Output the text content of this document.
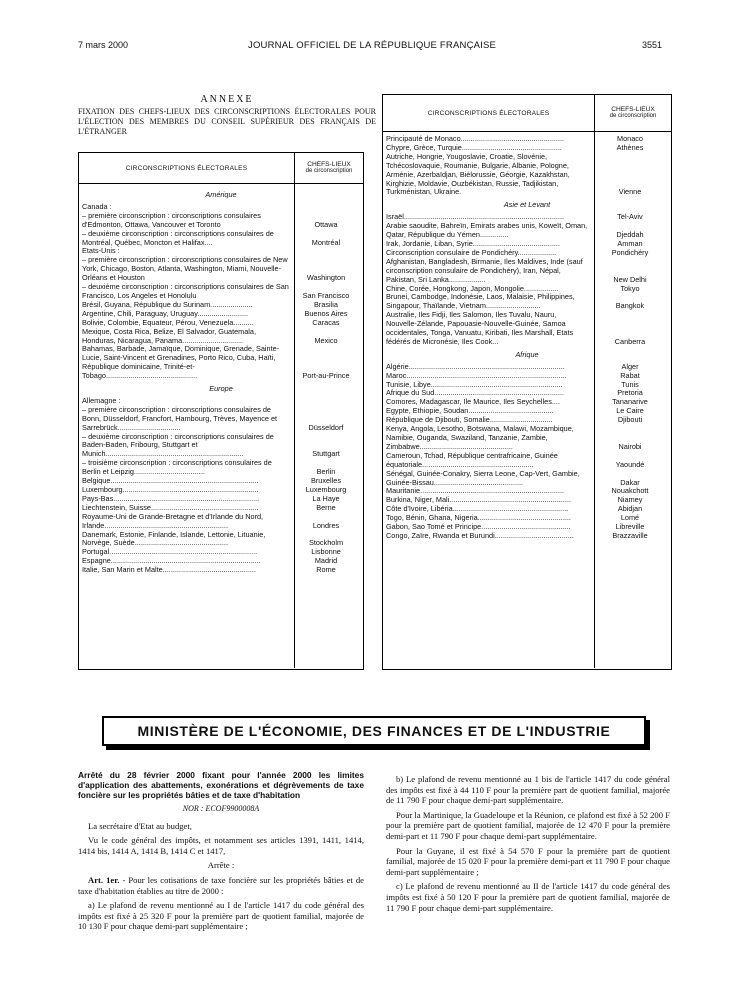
7 mars 2000	JOURNAL OFFICIEL DE LA RÉPUBLIQUE FRANÇAISE	3551
ANNEXE
FIXATION DES CHEFS-LIEUX DES CIRCONSCRIPTIONS ÉLECTORALES POUR L'ÉLECTION DES MEMBRES DU CONSEIL SUPÉRIEUR DES FRANÇAIS DE L'ÉTRANGER
CIRCONSCRIPTIONS ÉLECTORALES	CHEFS-LIEUX
de circonscription
Amérique
Canada :
– première circonscription : circonscriptions consulaires d'Edmonton, Ottawa, Vancouver et Toronto	Ottawa
– deuxième circonscription : circonscriptions consulaires de Montréal, Québec, Moncton et Halifax....	Montréal
Etats-Unis :
– première circonscription : circonscriptions consulaires de New York, Chicago, Boston, Atlanta, Washington, Miami, Nouvelle-Orléans et Houston	Washington
– deuxième circonscription : circonscriptions consulaires de San Francisco, Los Angeles et Honolulu	San Francisco
Brésil, Guyana, République du Surinam.....................	Brasilia
Argentine, Chili, Paraguay, Uruguay.........................	Buenos Aires
Bolivie, Colombie, Equateur, Pérou, Venezuela..........	Caracas
Mexique, Costa Rica, Belize, El Salvador, Guatemala, Honduras, Nicaragua, Panama..............................	Mexico
Bahamas, Barbade, Jamaïque, Dominique, Grenade, Sainte-Lucie, Saint-Vincent et Grenadines, Porto Rico, Cuba, Haïti, République dominicaine, Trinité-et-Tobago.............................................	Port-au-Prince
Europe
Allemagne :
– première circonscription : circonscriptions consulaires de Bonn, Düsseldorf, Francfort, Hambourg, Trèves, Mayence et Sarrebrück...............................	Düsseldorf
– deuxième circonscription : circonscriptions consulaires de Baden-Baden, Fribourg, Stuttgart et Munich....................................................................	Stuttgart
– troisième circonscription : circonscriptions consulaires de Berlin et Leipzig...................................	Berlin
Belgique.........................................................................	Bruxelles
Luxembourg...................................................................	Luxembourg
Pays-Bas........................................................................	La Haye
Liechtenstein, Suisse.....................................................	Berne
Royaume-Uni de Grande-Bretagne et d'Irlande du Nord, Irlande.............................................................	Londres
Danemark, Estonie, Finlande, Islande, Lettonie, Lituanie, Norvège, Suède..............................................	Stockholm
Portugal.........................................................................	Lisbonne
Espagne..........................................................................	Madrid
Italie, San Marin et Malte..............................................	Rome
CIRCONSCRIPTIONS ÉLECTORALES	CHEFS-LIEUX
de circonscription
Principauté de Monaco...................................................	Monaco
Chypre, Grèce, Turquie.................................................	Athènes
Autriche, Hongrie, Yougoslavie, Croatie, Slovénie, Tchécoslovaquie, Roumanie, Bulgarie, Albanie, Pologne, Arménie, Azerbaïdjan, Biélorussie, Géorgie, Kazakhstan, Kirghizie, Moldavie, Ouzbékistan, Russie, Tadjikistan, Turkménistan, Ukraine.	Vienne
Asie et Levant
Israël...............................................................................	Tel-Aviv
Arabie saoudite, Bahreïn, Emirats arabes unis, Koweït, Oman, Qatar, République du Yémen..............	Djeddah
Irak, Jordanie, Liban, Syrie...........................................	Amman
Circonscription consulaire de Pondichéry...................	Pondichéry
Afghanistan, Bangladesh, Birmanie, Iles Maldives, Inde (sauf circonscription consulaire de Pondichéry), Iran, Népal, Pakistan, Sri Lanka..................	New Delhi
Chine, Corée, Hongkong, Japon, Mongolie.................	Tokyo
Brunei, Cambodge, Indonésie, Laos, Malaisie, Philippines, Singapour, Thaïlande, Vietnam...........................	Bangkok
Australie, Iles Fidji, Iles Salomon, Iles Tuvalu, Nauru, Nouvelle-Zélande, Papouasie-Nouvelle-Guinée, Samoa occidentales, Tonga, Vanuatu, Kiribati, Iles Marshall, Etats fédérés de Micronésie, Iles Cook...	Canberra
Afrique
Algérie.............................................................................	Alger
Maroc...............................................................................	Rabat
Tunisie, Libye.................................................................	Tunis
Afrique du Sud................................................................	Pretoria
Comores, Madagascar, Ile Maurice, Iles Seychelles....	Tananarive
Egypte, Ethiopie, Soudan..........................................	Le Caire
République de Djibouti, Somalie...............................	Djibouti
Kenya, Angola, Lesotho, Botswana, Malawi, Mozambique, Namibie, Ouganda, Swaziland, Tanzanie, Zambie, Zimbabwe..............................................	Nairobi
Cameroun, Tchad, République centrafricaine, Guinée équatoriale.......................................................	Yaoundé
Sénégal, Guinée-Conakry, Sierra Leone, Cap-Vert, Gambie, Guinée-Bissau............................................	Dakar
Mauritanie.......................................................................	Nouakchott
Burkina, Niger, Mali............................................................	Niamey
Côte d'Ivoire, Libéria.........................................................	Abidjan
Togo, Bénin, Ghana, Nigeria..............................................	Lomé
Gabon, Sao Tomé et Principe............................................	Libreville
Congo, Zaïre, Rwanda et Burundi.......................................	Brazzaville
MINISTÈRE DE L'ÉCONOMIE, DES FINANCES ET DE L'INDUSTRIE
Arrêté du 28 février 2000 fixant pour l'année 2000 les limites d'application des abattements, exonérations et dégrèvements de taxe foncière sur les propriétés bâties et de taxe d'habitation
NOR : ECOF9900008A

La secrétaire d'Etat au budget,

Vu le code général des impôts, et notamment ses articles 1391, 1411, 1414, 1414 bis, 1414 A, 1414 B, 1414 C et 1417,

Arrête :

Art. 1er. - Pour les cotisations de taxe foncière sur les propriétés bâties et de taxe d'habitation établies au titre de 2000 :

a) Le plafond de revenu mentionné au I de l'article 1417 du code général des impôts est fixé à 25 320 F pour la première part de quotient familial, majorée de 10 130 F pour chaque demi-part supplémentaire ;

b) Le plafond de revenu mentionné au 1 bis de l'article 1417 du code général des impôts est fixé à 44 110 F pour la première part de quotient familial, majorée de 11 790 F pour chaque demi-part supplémentaire.

Pour la Martinique, la Guadeloupe et la Réunion, ce plafond est fixé à 52 200 F pour la première part de quotient familial, majorée de 12 470 F pour la première demi-part et 11 790 F pour chaque demi-part supplémentaire.

Pour la Guyane, il est fixé à 54 570 F pour la première part de quotient familial, majorée de 15 020 F pour la première demi-part et 11 790 F pour chaque demi-part supplémentaire ;

c) Le plafond de revenu mentionné au II de l'article 1417 du code général des impôts est fixé à 50 120 F pour la première part de quotient familial, majorée de 11 790 F pour chaque demi-part supplémentaire.
